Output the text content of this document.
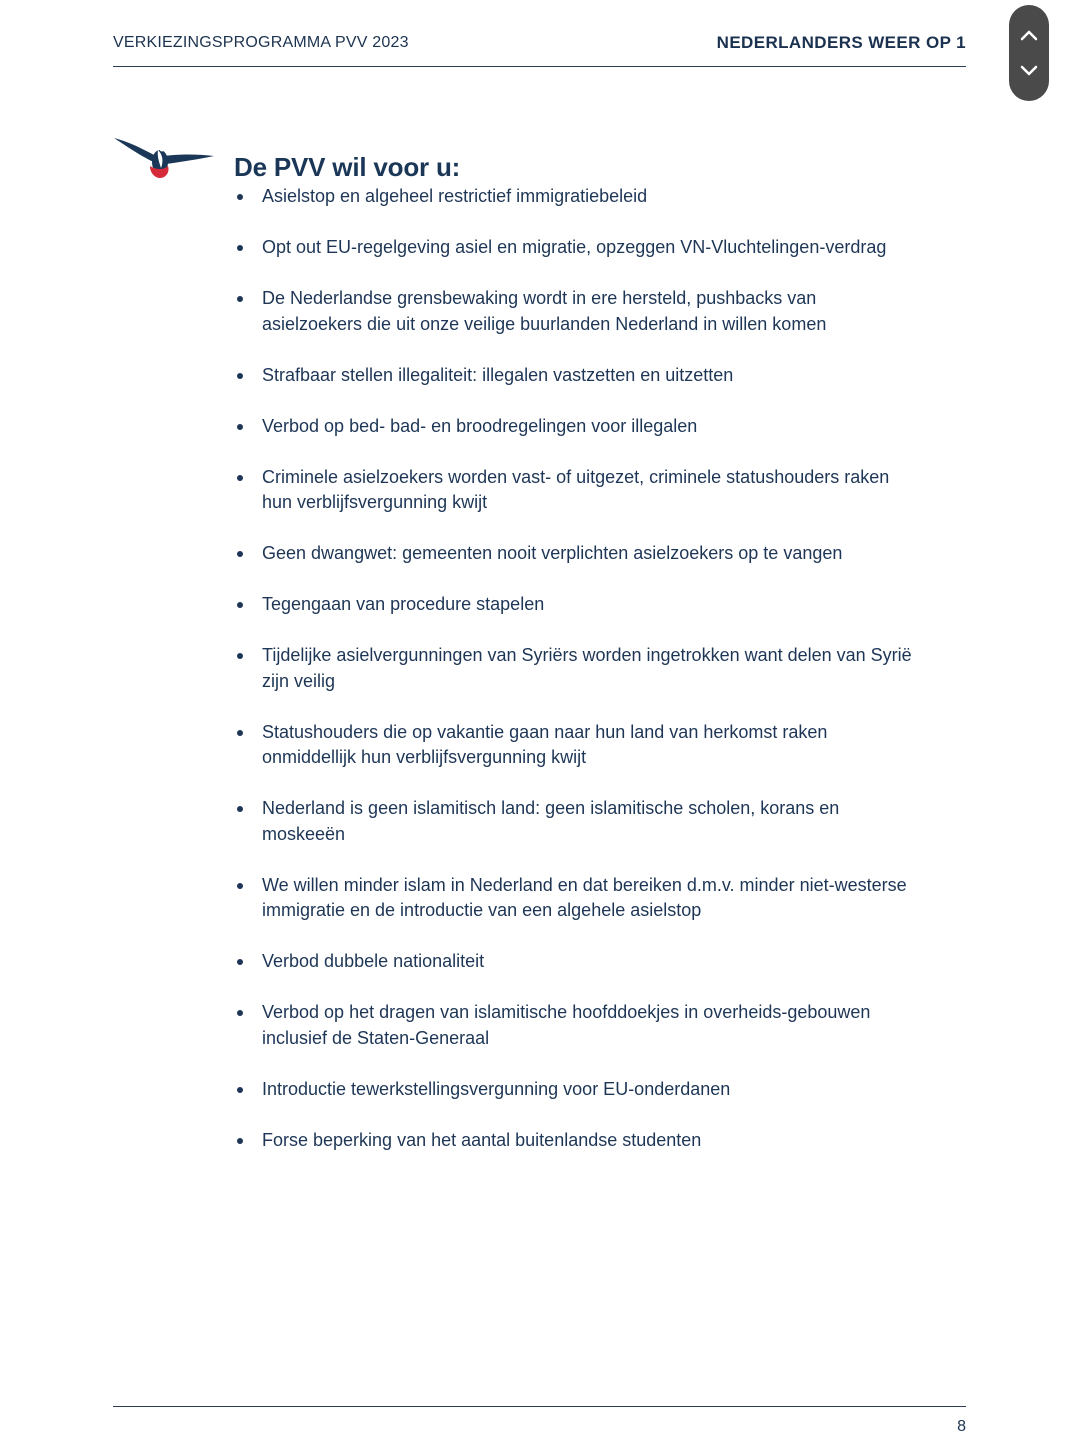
VERKIEZINGSPROGRAMMA PVV 2023	NEDERLANDERS WEER OP 1
De PVV wil voor u:
Asielstop en algeheel restrictief immigratiebeleid
Opt out EU-regelgeving asiel en migratie, opzeggen VN-Vluchtelingen-verdrag
De Nederlandse grensbewaking wordt in ere hersteld, pushbacks van asielzoekers die uit onze veilige buurlanden Nederland in willen komen
Strafbaar stellen illegaliteit: illegalen vastzetten en uitzetten
Verbod op bed- bad- en broodregelingen voor illegalen
Criminele asielzoekers worden vast- of uitgezet, criminele statushouders raken hun verblijfsvergunning kwijt
Geen dwangwet: gemeenten nooit verplichten asielzoekers op te vangen
Tegengaan van procedure stapelen
Tijdelijke asielvergunningen van Syriërs worden ingetrokken want delen van Syrië zijn veilig
Statushouders die op vakantie gaan naar hun land van herkomst raken onmiddellijk hun verblijfsvergunning kwijt
Nederland is geen islamitisch land: geen islamitische scholen, korans en moskeeën
We willen minder islam in Nederland en dat bereiken d.m.v. minder niet-westerse immigratie en de introductie van een algehele asielstop
Verbod dubbele nationaliteit
Verbod op het dragen van islamitische hoofddoekjes in overheids-gebouwen inclusief de Staten-Generaal
Introductie tewerkstellingsvergunning voor EU-onderdanen
Forse beperking van het aantal buitenlandse studenten
8
